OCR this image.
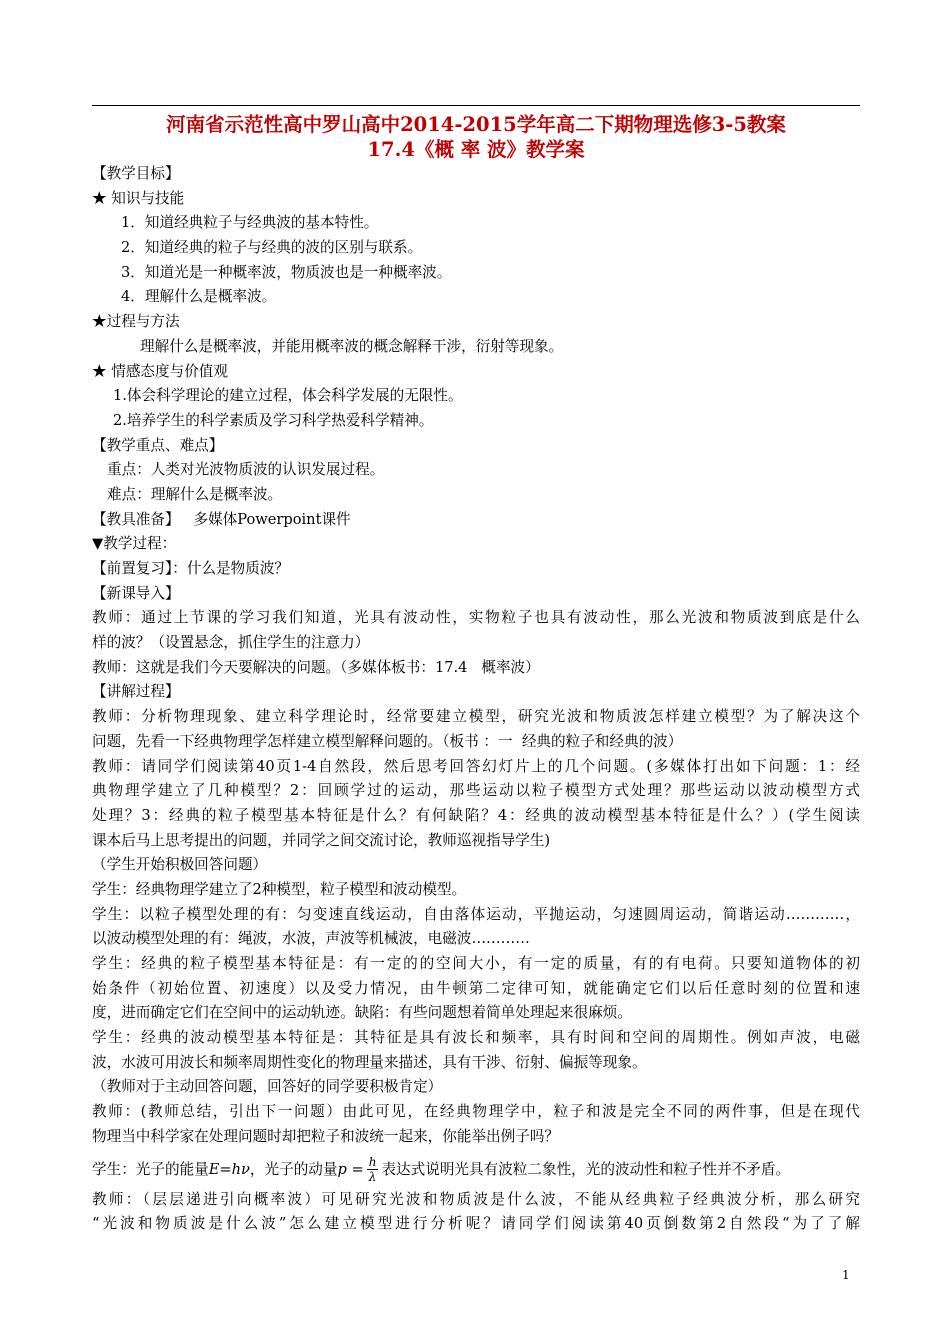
河南省示范性高中罗山高中2014-2015学年高二下期物理选修3-5教案
17.4《概 率 波》教学案
【教学目标】
★ 知识与技能
1．知道经典粒子与经典波的基本特性。
2．知道经典的粒子与经典的波的区别与联系。
3．知道光是一种概率波，物质波也是一种概率波。
4．理解什么是概率波。
★过程与方法
理解什么是概率波，并能用概率波的概念解释干涉，衍射等现象。
★ 情感态度与价值观
1.体会科学理论的建立过程，体会科学发展的无限性。
2.培养学生的科学素质及学习科学热爱科学精神。
【教学重点、难点】
重点：人类对光波物质波的认识发展过程。
难点：理解什么是概率波。
【教具准备】   多媒体Powerpoint课件
▼教学过程：
【前置复习】：什么是物质波？
【新课导入】
教师：通过上节课的学习我们知道，光具有波动性，实物粒子也具有波动性，那么光波和物质波到底是什么
样的波？（设置悬念，抓住学生的注意力）
教师：这就是我们今天要解决的问题。（多媒体板书：17.4   概率波）
【讲解过程】
教师：分析物理现象、建立科学理论时，经常要建立模型，研究光波和物质波怎样建立模型？为了解决这个
问题，先看一下经典物理学怎样建立模型解释问题的。（板书 ：一  经典的粒子和经典的波）
教师：请同学们阅读第40页1-4自然段，然后思考回答幻灯片上的几个问题。(多媒体打出如下问题：1：经
典物理学建立了几种模型？2：回顾学过的运动，那些运动以粒子模型方式处理？那些运动以波动模型方式
处理？3：经典的粒子模型基本特征是什么？有何缺陷？4：经典的波动模型基本特征是什么？）(学生阅读
课本后马上思考提出的问题，并同学之间交流讨论，教师巡视指导学生)
（学生开始积极回答问题）
学生：经典物理学建立了2种模型，粒子模型和波动模型。
学生：以粒子模型处理的有：匀变速直线运动，自由落体运动，平抛运动，匀速圆周运动，简谐运动…………，
以波动模型处理的有：绳波，水波，声波等机械波，电磁波…………
学生：经典的粒子模型基本特征是：有一定的的空间大小，有一定的质量，有的有电荷。只要知道物体的初
始条件（初始位置、初速度）以及受力情况，由牛顿第二定律可知，就能确定它们以后任意时刻的位置和速
度，进而确定它们在空间中的运动轨迹。缺陷：有些问题想着简单处理起来很麻烦。
学生：经典的波动模型基本特征是：其特征是具有波长和频率，具有时间和空间的周期性。例如声波，电磁
波，水波可用波长和频率周期性变化的物理量来描述，具有干涉、衍射、偏振等现象。
（教师对于主动回答问题，回答好的同学要积极肯定）
教师：(教师总结，引出下一问题）由此可见，在经典物理学中，粒子和波是完全不同的两件事，但是在现代
物理当中科学家在处理问题时却把粒子和波统一起来，你能举出例子吗？
学生：光子的能量E=hν，光子的动量$p = \frac{h}{\lambda}$ 表达式说明光具有波粒二象性，光的波动性和粒子性并不矛盾。
教师：（层层递进引向概率波）可见研究光波和物质波是什么波，不能从经典粒子经典波分析，那么研究
“光波和物质波是什么波”怎么建立模型进行分析呢？请同学们阅读第40页倒数第2自然段“为了了解
1
